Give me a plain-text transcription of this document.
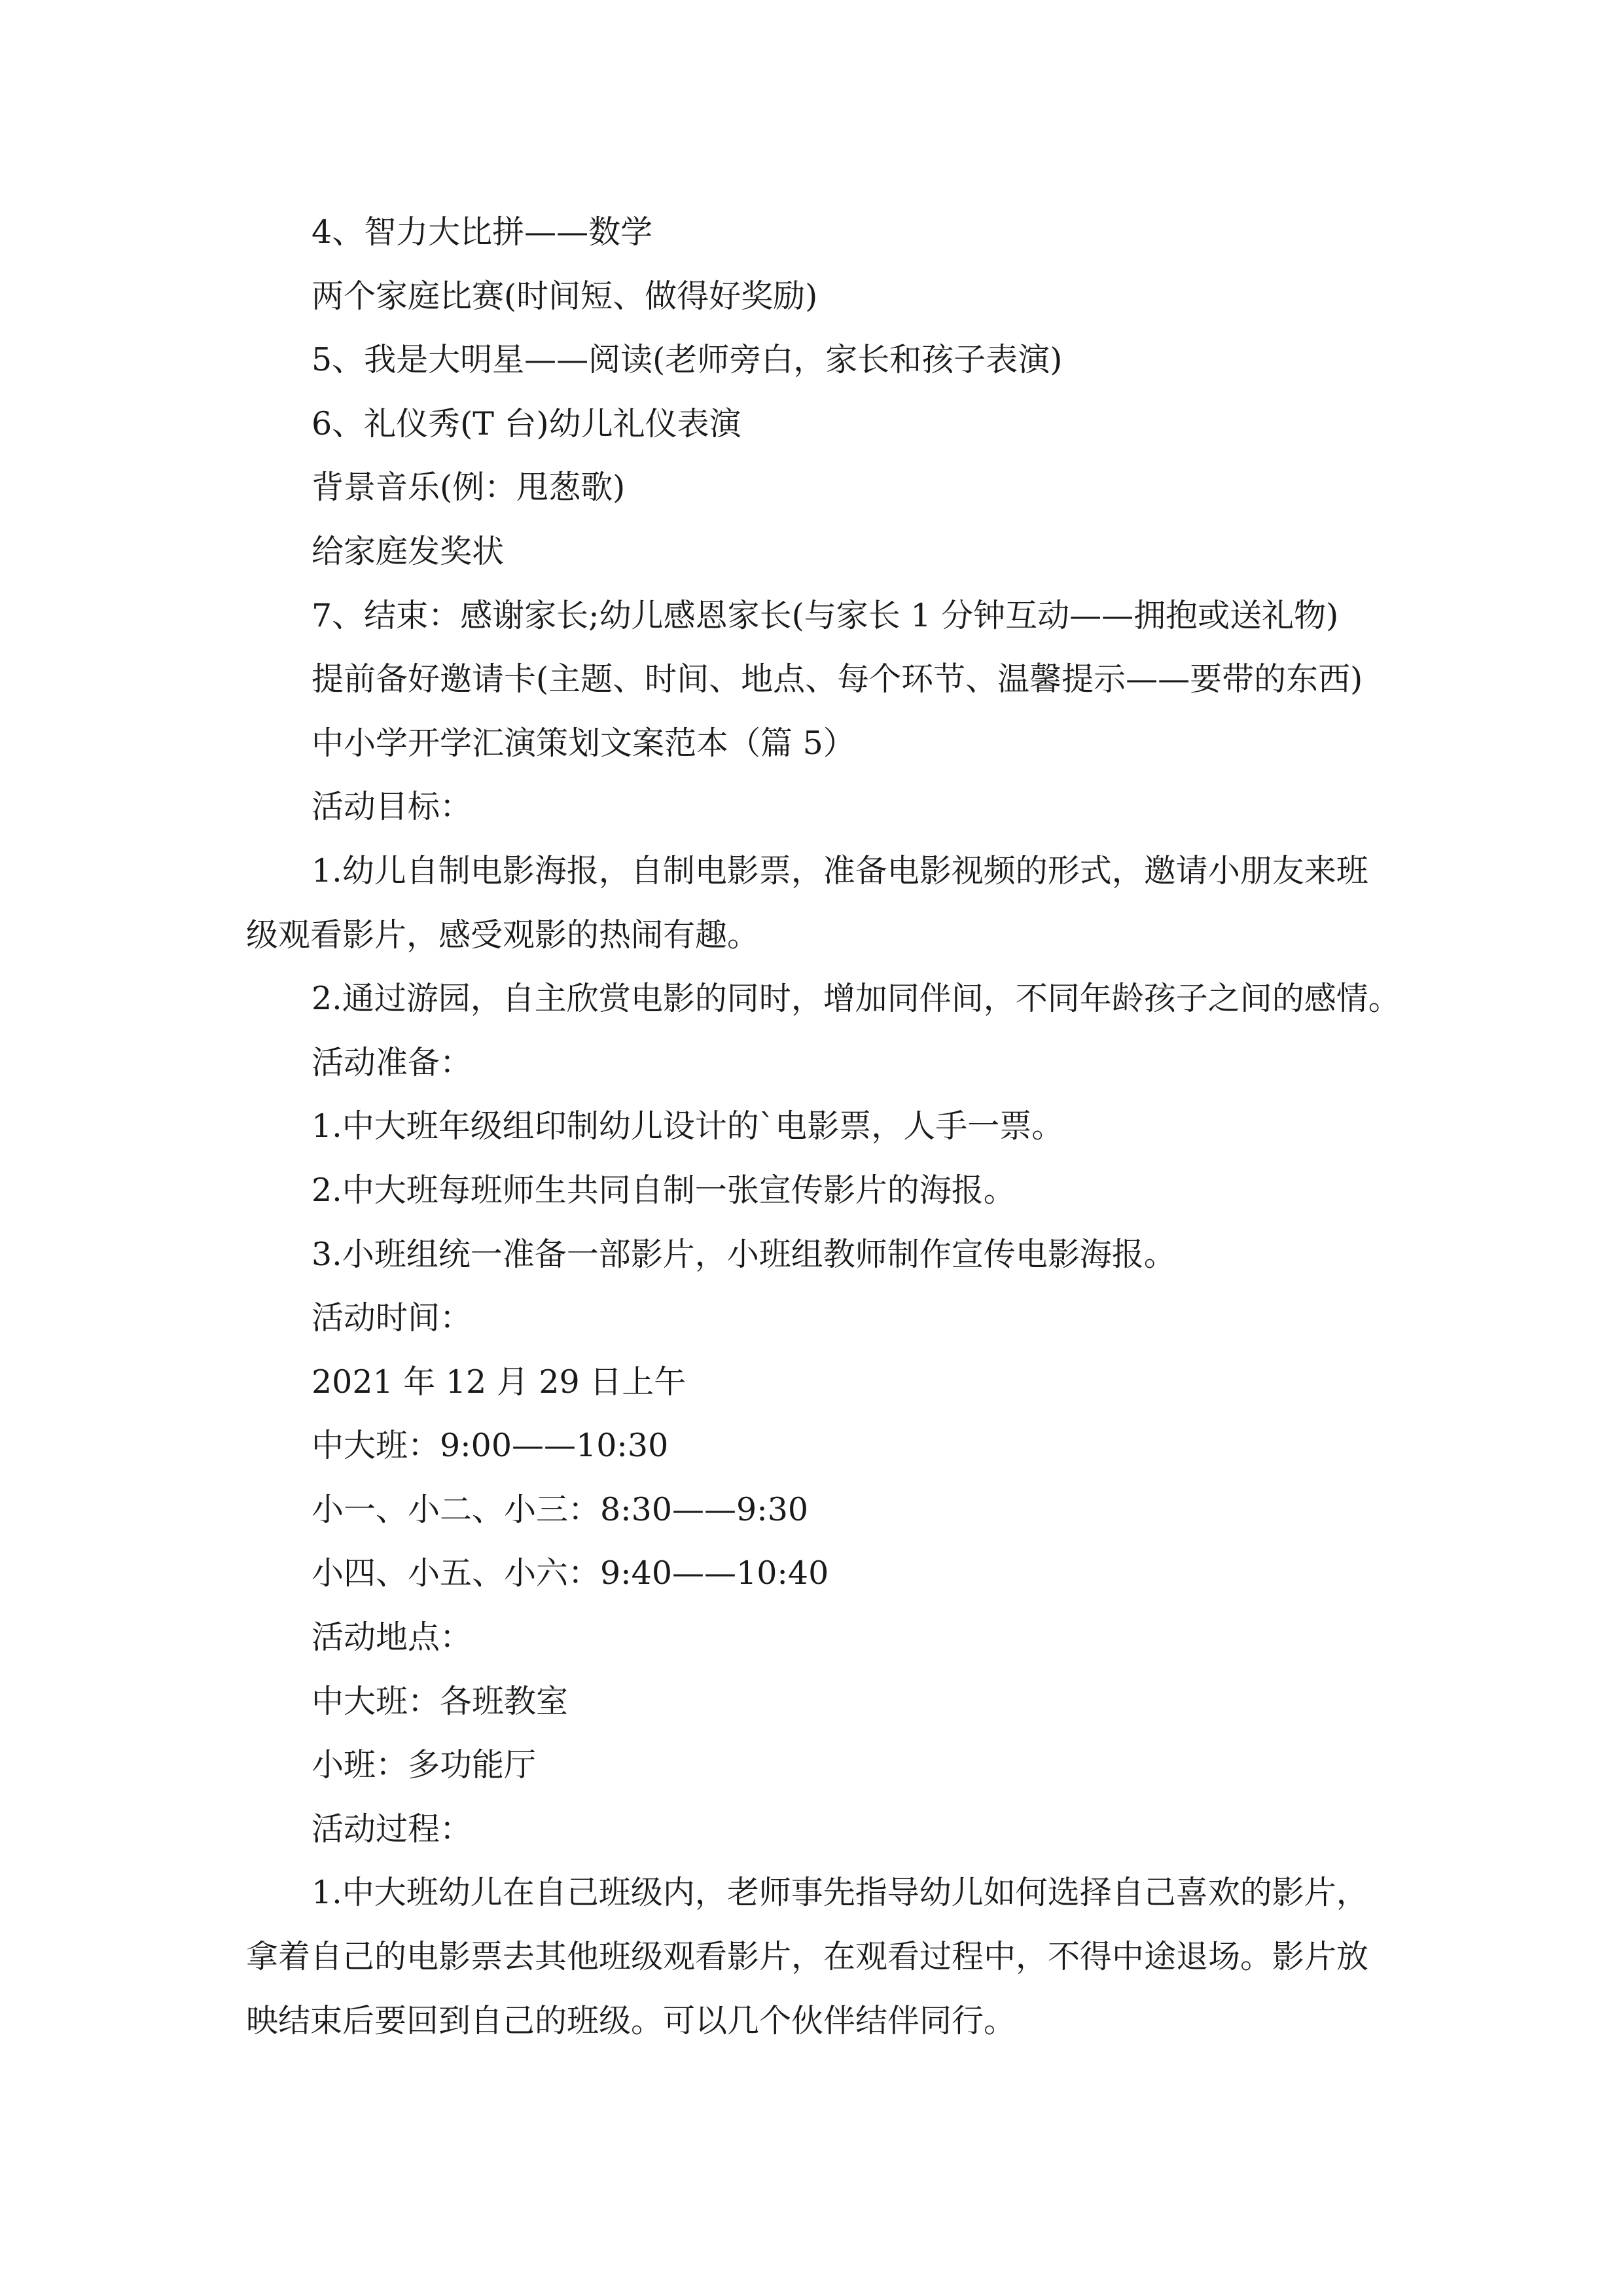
4、智力大比拼——数学
两个家庭比赛(时间短、做得好奖励)
5、我是大明星——阅读(老师旁白，家长和孩子表演)
6、礼仪秀(T 台)幼儿礼仪表演
背景音乐(例：甩葱歌)
给家庭发奖状
7、结束：感谢家长;幼儿感恩家长(与家长 1 分钟互动——拥抱或送礼物)
提前备好邀请卡(主题、时间、地点、每个环节、温馨提示——要带的东西)
中小学开学汇演策划文案范本（篇 5）
活动目标：
1.幼儿自制电影海报，自制电影票，准备电影视频的形式，邀请小朋友来班
级观看影片，感受观影的热闹有趣。
2.通过游园，自主欣赏电影的同时，增加同伴间，不同年龄孩子之间的感情。
活动准备：
1.中大班年级组印制幼儿设计的`电影票，人手一票。
2.中大班每班师生共同自制一张宣传影片的海报。
3.小班组统一准备一部影片，小班组教师制作宣传电影海报。
活动时间：
2021 年 12 月 29 日上午
中大班：9:00——10:30
小一、小二、小三：8:30——9:30
小四、小五、小六：9:40——10:40
活动地点：
中大班：各班教室
小班：多功能厅
活动过程：
1.中大班幼儿在自己班级内，老师事先指导幼儿如何选择自己喜欢的影片，
拿着自己的电影票去其他班级观看影片，在观看过程中，不得中途退场。影片放
映结束后要回到自己的班级。可以几个伙伴结伴同行。
